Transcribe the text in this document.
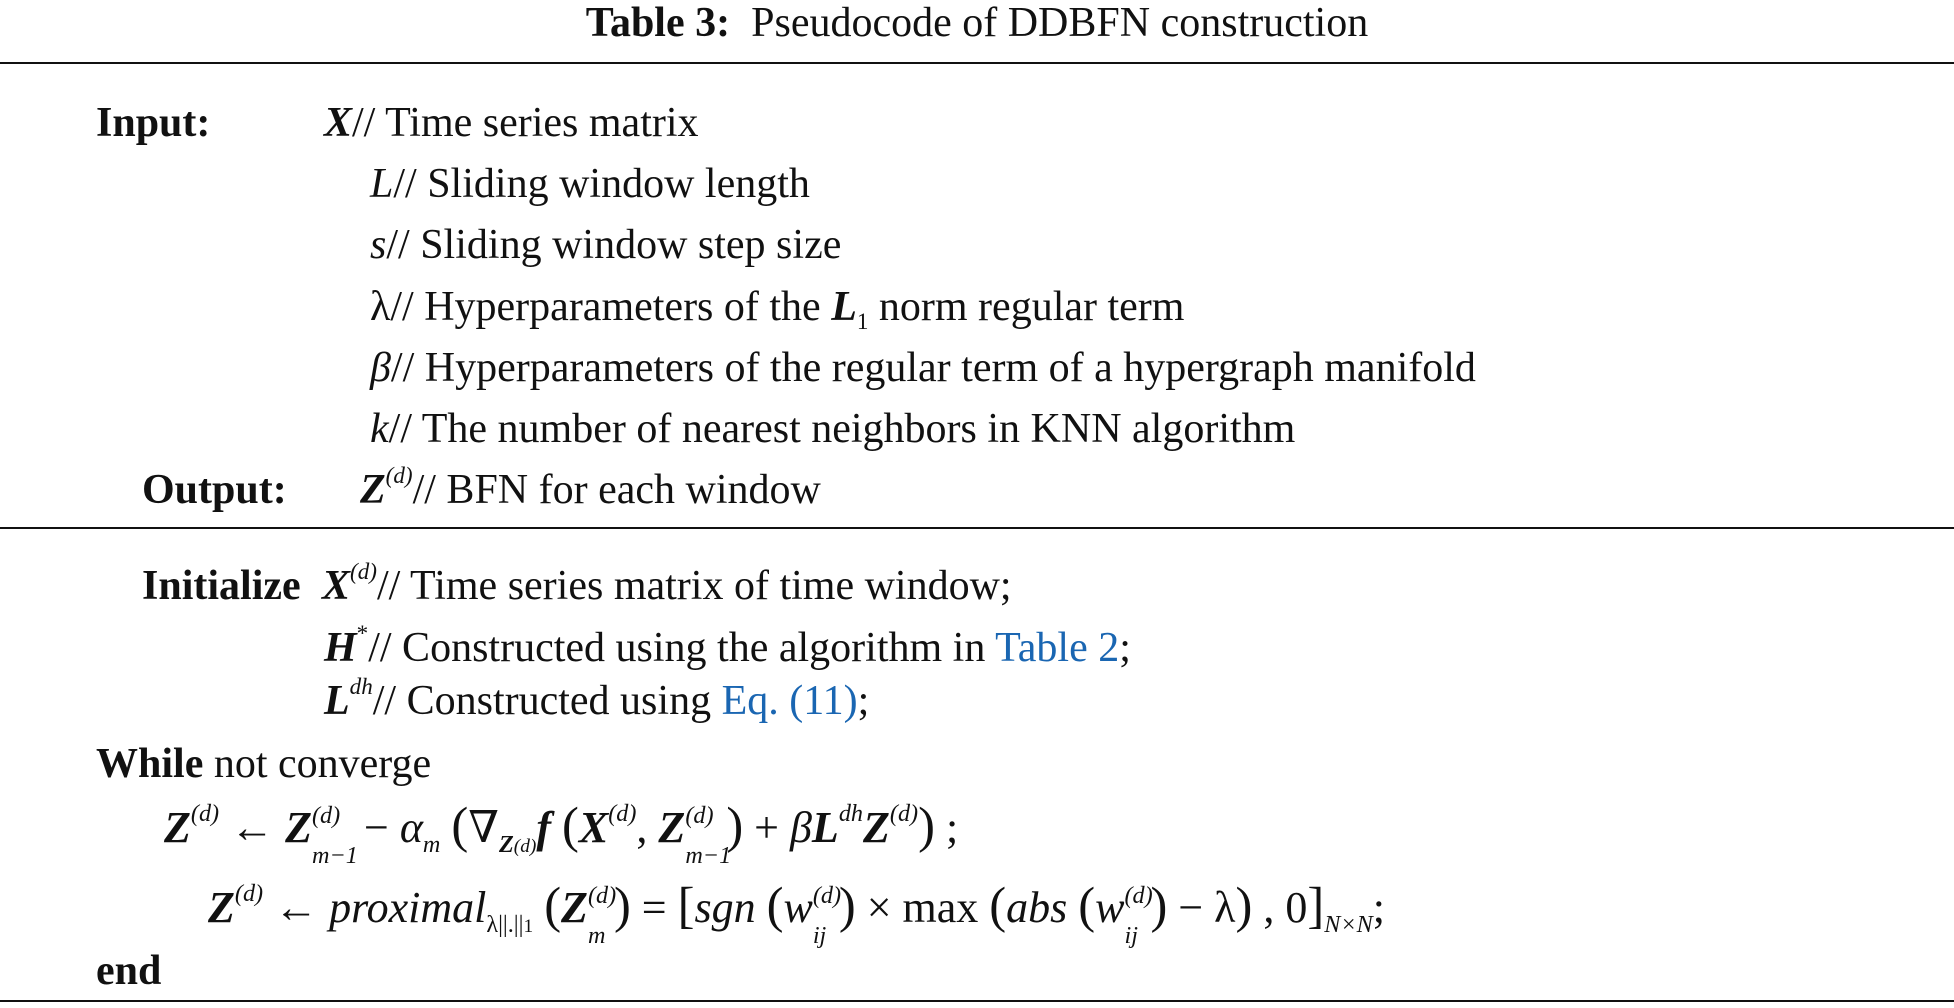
Table 3: Pseudocode of DDBFN construction
Input:	X// Time series matrix
L// Sliding window length
s// Sliding window step size
λ// Hyperparameters of the $L_1$ norm regular term
β// Hyperparameters of the regular term of a hypergraph manifold
k// The number of nearest neighbors in KNN algorithm
Output: $Z^{(d)}//$ BFN for each window
Initialize $X^{(d)}//$ Time series matrix of time window;
H*// Constructed using the algorithm in Table 2;
$L^{dh}//$ Constructed using Eq. (11);
While not converge
$Z^{(d)}$ ← Z (d)
m−1
− $\alpha_m$ ($\nabla_{Z(d)}f$ ($X^{(d)}$, Z (d)
m−1
) + $\beta L^{dh}Z^{(d)}$) ;
$Z^{(d)}$ ← proximal$_{\lambda||.||1}$ (Z (d)
m
) = [sgn (w (d)
ij
) × max (abs (w (d)
ij
) − λ) , $0]_{N\times N}$;
end
